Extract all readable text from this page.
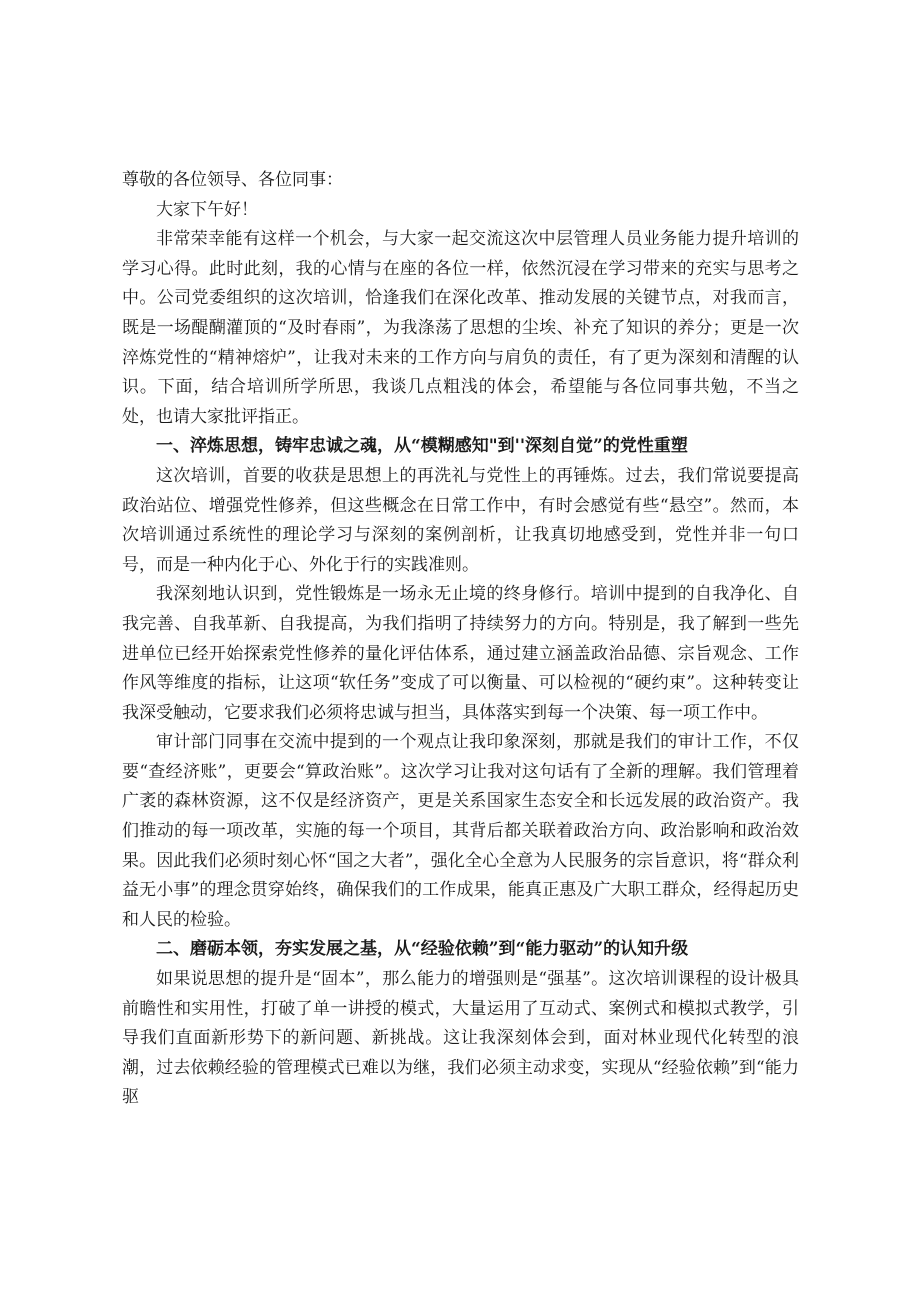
尊敬的各位领导、各位同事：

大家下午好！

非常荣幸能有这样一个机会，与大家一起交流这次中层管理人员业务能力提升培训的学习心得。此时此刻，我的心情与在座的各位一样，依然沉浸在学习带来的充实与思考之中。公司党委组织的这次培训，恰逢我们在深化改革、推动发展的关键节点，对我而言，既是一场醍醐灌顶的“及时春雨”，为我涤荡了思想的尘埃、补充了知识的养分；更是一次淬炼党性的“精神熔炉”，让我对未来的工作方向与肩负的责任，有了更为深刻和清醒的认识。下面，结合培训所学所思，我谈几点粗浅的体会，希望能与各位同事共勉，不当之处，也请大家批评指正。

一、淬炼思想，铸牢忠诚之魂，从“模糊感知"到''深刻自觉”的党性重塑

这次培训，首要的收获是思想上的再洗礼与党性上的再锤炼。过去，我们常说要提高政治站位、增强党性修养，但这些概念在日常工作中，有时会感觉有些“悬空”。然而，本次培训通过系统性的理论学习与深刻的案例剖析，让我真切地感受到，党性并非一句口号，而是一种内化于心、外化于行的实践准则。

我深刻地认识到，党性锻炼是一场永无止境的终身修行。培训中提到的自我净化、自我完善、自我革新、自我提高，为我们指明了持续努力的方向。特别是，我了解到一些先进单位已经开始探索党性修养的量化评估体系，通过建立涵盖政治品德、宗旨观念、工作作风等维度的指标，让这项“软任务”变成了可以衡量、可以检视的“硬约束”。这种转变让我深受触动，它要求我们必须将忠诚与担当，具体落实到每一个决策、每一项工作中。

审计部门同事在交流中提到的一个观点让我印象深刻，那就是我们的审计工作，不仅要“查经济账”，更要会“算政治账”。这次学习让我对这句话有了全新的理解。我们管理着广袤的森林资源，这不仅是经济资产，更是关系国家生态安全和长远发展的政治资产。我们推动的每一项改革，实施的每一个项目，其背后都关联着政治方向、政治影响和政治效果。因此我们必须时刻心怀“国之大者”，强化全心全意为人民服务的宗旨意识，将“群众利益无小事”的理念贯穿始终，确保我们的工作成果，能真正惠及广大职工群众，经得起历史和人民的检验。

二、磨砺本领，夯实发展之基，从“经验依赖”到“能力驱动”的认知升级

如果说思想的提升是“固本”，那么能力的增强则是“强基”。这次培训课程的设计极具前瞻性和实用性，打破了单一讲授的模式，大量运用了互动式、案例式和模拟式教学，引导我们直面新形势下的新问题、新挑战。这让我深刻体会到，面对林业现代化转型的浪潮，过去依赖经验的管理模式已难以为继，我们必须主动求变，实现从“经验依赖”到“能力驱
